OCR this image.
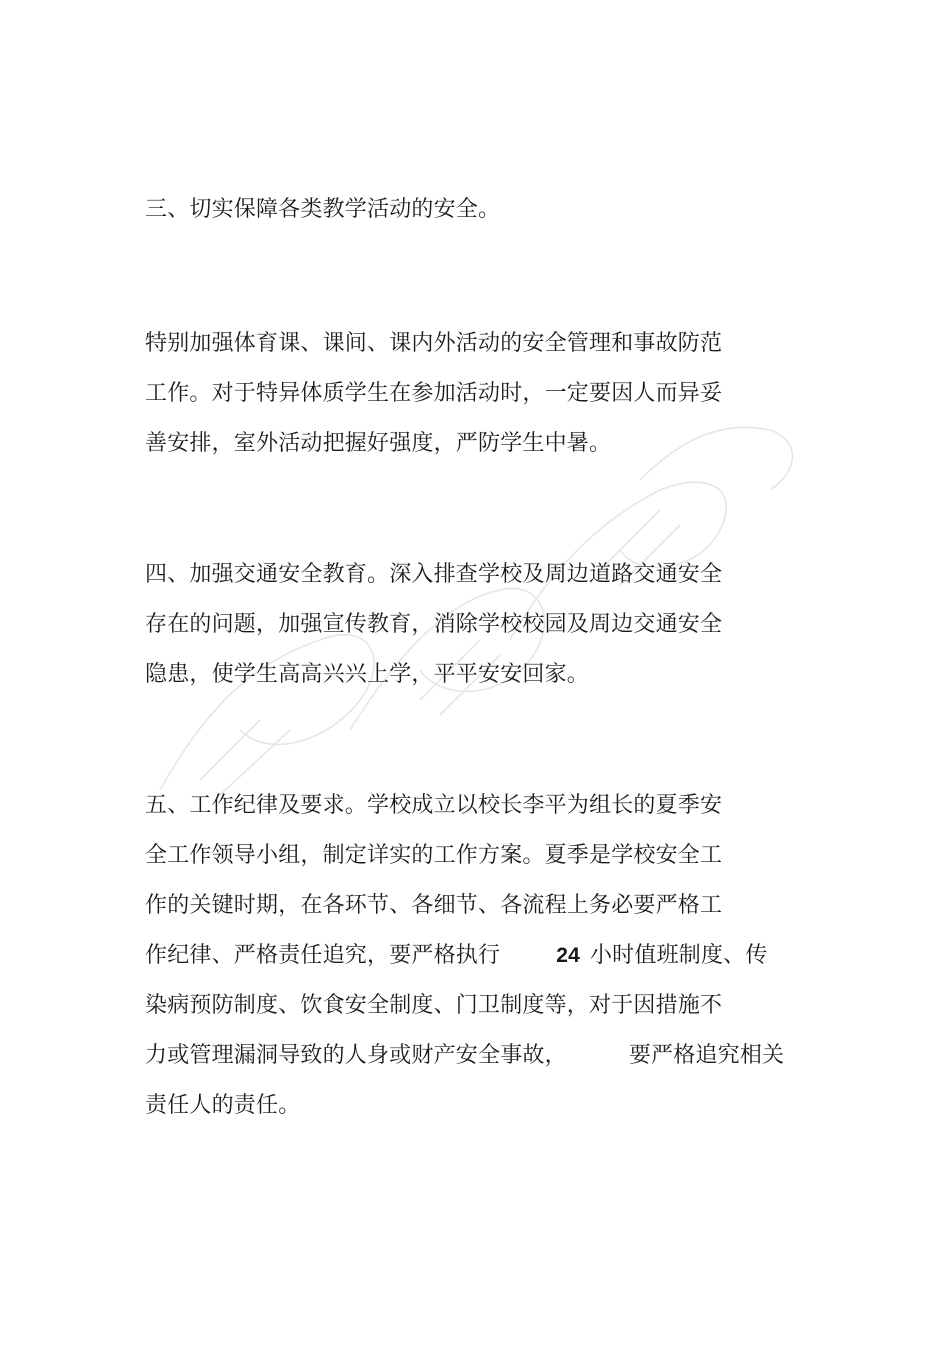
三、切实保障各类教学活动的安全。
特别加强体育课、课间、课内外活动的安全管理和事故防范
工作。对于特异体质学生在参加活动时，一定要因人而异妥
善安排，室外活动把握好强度，严防学生中暑。
四、加强交通安全教育。深入排查学校及周边道路交通安全
存在的问题，加强宣传教育，消除学校校园及周边交通安全
隐患，使学生高高兴兴上学，平平安安回家。
五、工作纪律及要求。学校成立以校长李平为组长的夏季安
全工作领导小组，制定详实的工作方案。夏季是学校安全工
作的关键时期，在各环节、各细节、各流程上务必要严格工
作纪律、严格责任追究，要严格执行	24 小时值班制度、传
染病预防制度、饮食安全制度、门卫制度等，对于因措施不
力或管理漏洞导致的人身或财产安全事故，	要严格追究相关
责任人的责任。
